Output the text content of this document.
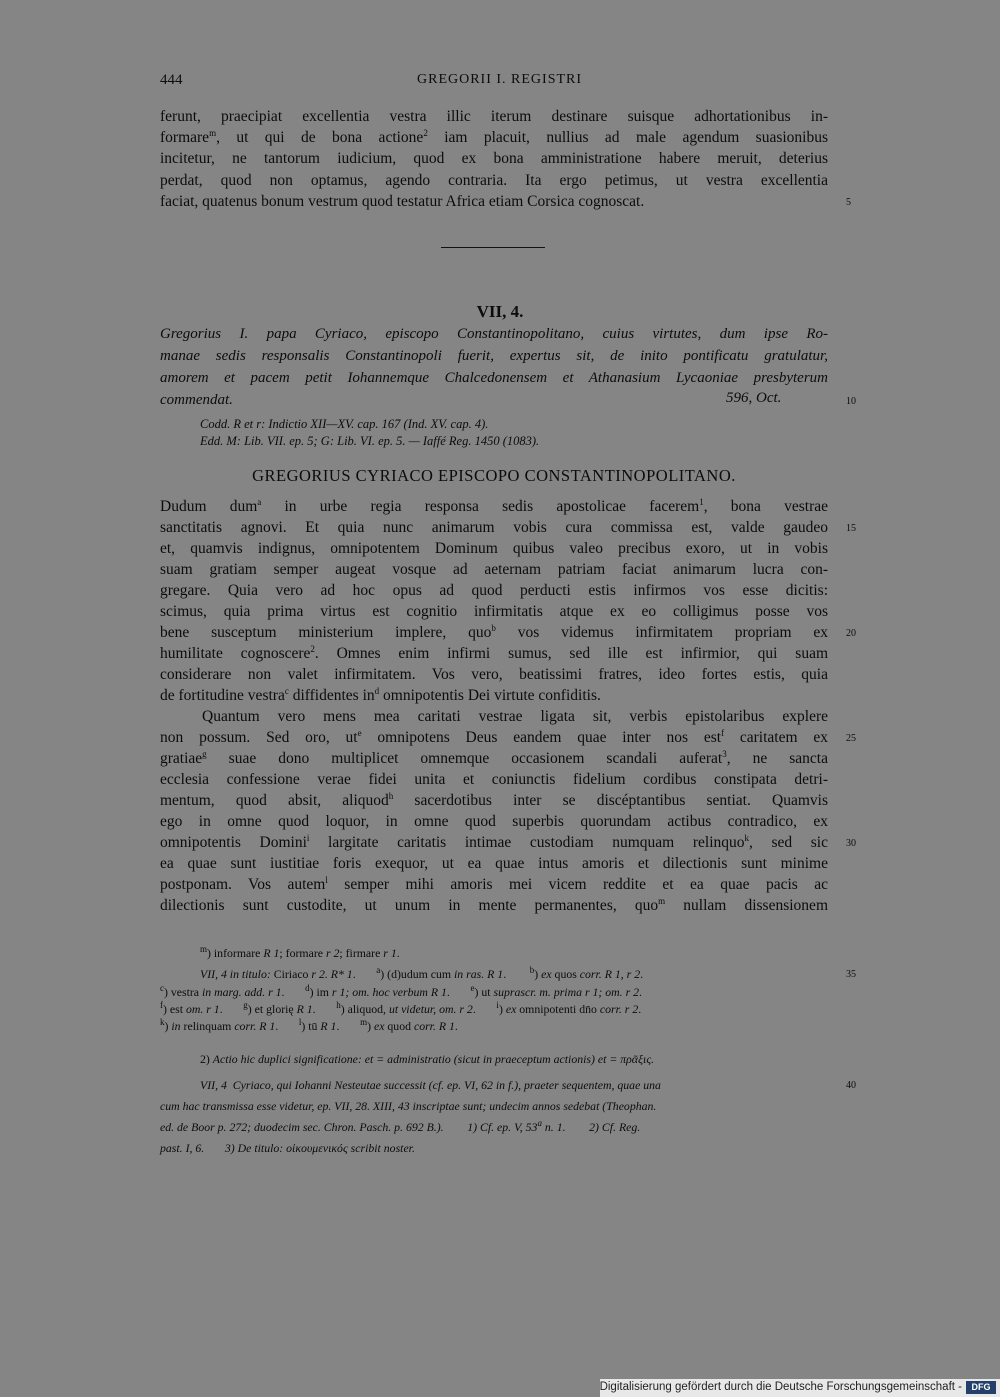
444	GREGORII I. REGISTRI
ferunt, praecipiat excellentia vestra illic iterum destinare suisque adhortationibus in-
formare$^m$, ut qui de bona actione$^2$ iam placuit, nullius ad male agendum suasionibus
incitetur, ne tantorum iudicium, quod ex bona amministratione habere meruit, deterius
perdat, quod non optamus, agendo contraria. Ita ergo petimus, ut vestra excellentia
faciat, quatenus bonum vestrum quod testatur Africa etiam Corsica cognoscat.	5
VII, 4.
Gregorius I. papa Cyriaco, episcopo Constantinopolitano, cuius virtutes, dum ipse Ro-
manae sedis responsalis Constantinopoli fuerit, expertus sit, de inito pontificatu gratulatur,
amorem et pacem petit Iohannemque Chalcedonensem et Athanasium Lycaoniae presbyterum
commendat.	596, Oct.	10
Codd. R et r: Indictio XII—XV. cap. 167 (Ind. XV. cap. 4).
Edd. M: Lib. VII. ep. 5; G: Lib. VI. ep. 5. — Iaffé Reg. 1450 (1083).
GREGORIUS CYRIACO EPISCOPO CONSTANTINOPOLITANO.
Dudum dum$^a$ in urbe regia responsa sedis apostolicae facerem$^1$, bona vestrae
sanctitatis agnovi. Et quia nunc animarum vobis cura commissa est, valde gaudeo 15
et, quamvis indignus, omnipotentem Dominum quibus valeo precibus exoro, ut in vobis
suam gratiam semper augeat vosque ad aeternam patriam faciat animarum lucra con-
gregare. Quia vero ad hoc opus ad quod perducti estis infirmos vos esse dicitis:
scimus, quia prima virtus est cognitio infirmitatis atque ex eo colligimus posse vos
bene susceptum ministerium implere, quo$^b$ vos videmus infirmitatem propriam ex 20
humilitate cognoscere$^2$. Omnes enim infirmi sumus, sed ille est infirmior, qui suam
considerare non valet infirmitatem. Vos vero, beatissimi fratres, ideo fortes estis, quia
de fortitudine vestra$^c$ diffidentes $in^d$ omnipotentis Dei virtute confiditis.
Quantum vero mens mea caritati vestrae ligata sit, verbis epistolaribus explere
non possum. Sed oro, $ut^e$ omnipotens Deus eandem quae inter nos est$^f$ caritatem ex 25
gratiae$^g$ suae dono multiplicet omnemque occasionem scandali auferat$^3$, ne sancta
ecclesia confessione verae fidei unita et coniunctis fidelium cordibus constipata detri-
mentum, quod absit, aliquod$^h$ sacerdotibus inter se discéptantibus sentiat. Quamvis
ego in omne quod loquor, in omne quod superbis quorundam actibus contradico, ex
omnipotentis Domini$^i$ largitate caritatis intimae custodiam numquam relinquo$^k$, sed sic 30
ea quae sunt iustitiae foris exequor, ut ea quae intus amoris et dilectionis sunt minime
postponam. Vos autem$^l$ semper mihi amoris mei vicem reddite et ea quae pacis ac
dilectionis sunt custodite, ut unum in mente permanentes, quo$^m$ nullam dissensionem
$^m$) informare R 1; formare r 2; firmare r 1.
VII, 4 in titulo: Ciriaco r 2. R* 1.       $^a$) (d)udum cum in ras. R 1.        $^b$) ex quos corr. R 1, r 2.	35
$^c$) vestra in marg. add. r 1.       $^d$) im r 1; om. hoc verbum R 1.       $^e$) ut suprascr. m. prima r 1; om. r 2.
$^f$) est om. r 1.       $^g$) et glorię R 1.       $^h$) aliquod, ut videtur, om. r 2.       $^i$) ex omnipotenti dn̄o corr. r 2.
$^k$) in relinquam corr. R 1.       $^l$) tū R 1.       $^m$) ex quod corr. R 1.
2) Actio hic duplici significatione: et = administratio (sicut in praeceptum actionis) et = πρᾶξις.
VII, 4  Cyriaco, qui Iohanni Nesteutae successit (cf. ep. VI, 62 in f.), praeter sequentem, quae una	40
cum hac transmissa esse videtur, ep. VII, 28. XIII, 43 inscriptae sunt; undecim annos sedebat (Theophan.
ed. de Boor p. 272; duodecim sec. Chron. Pasch. p. 692 B.).        1) Cf. ep. V, 53$^a$ n. 1.        2) Cf. Reg.
past. I, 6.       3) De titulo: οἰκουμενικός scribit noster.
Digitalisierung gefördert durch die Deutsche Forschungsgemeinschaft -	DFG
